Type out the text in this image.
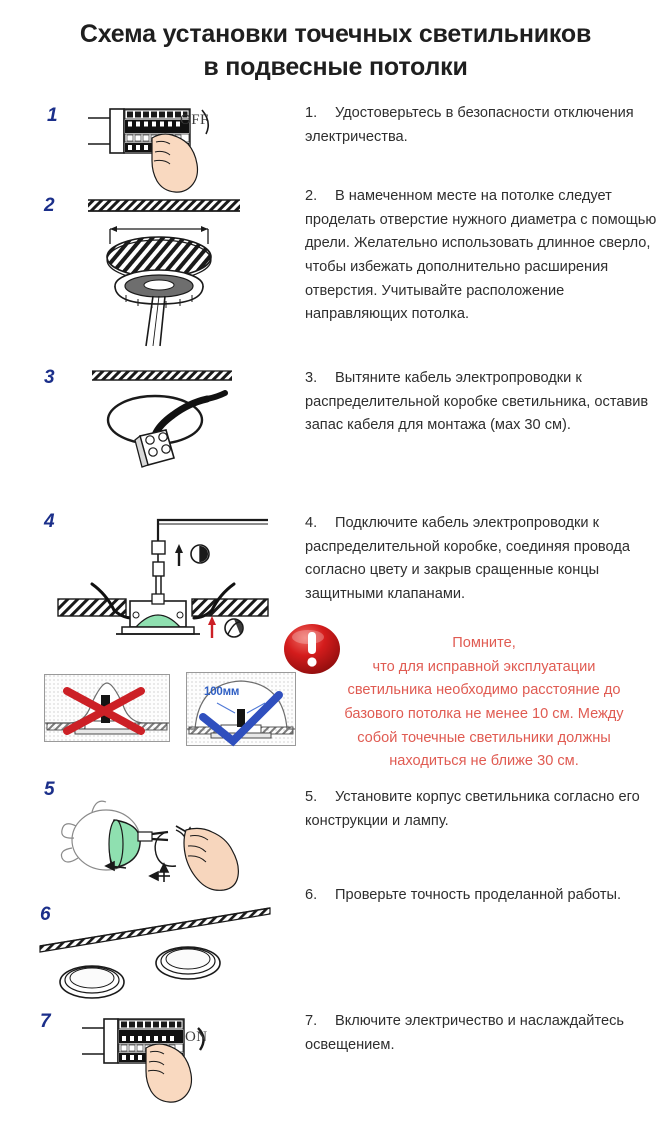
Схема установки точечных светильников
в подвесные потолки
1
2
3
4
5
6
7
OFF
100мм
ON
1. Удостоверьтесь в безопасности отключения электричества.
2. В намеченном месте на потолке следует проделать отверстие нужного диаметра с помощью дрели. Желательно использовать длинное сверло, чтобы избежать дополнительно расширения отверстия. Учитывайте расположение направляющих потолка.
3. Вытяните кабель электропроводки к распределительной коробке светильника, оставив запас кабеля для монтажа (мах 30 см).
4. Подключите кабель электропроводки к распределительной коробке, соединяя провода согласно цвету и закрыв сращенные концы защитными клапанами.
Помните,
что для исправной эксплуатации
светильника необходимо расстояние до
базового потолка не менее 10 см. Между
собой точечные светильники должны
находиться не ближе 30 см.
5. Установите корпус светильника согласно его конструкции и лампу.
6. Проверьте точность проделанной работы.
7. Включите электричество и наслаждайтесь освещением.
